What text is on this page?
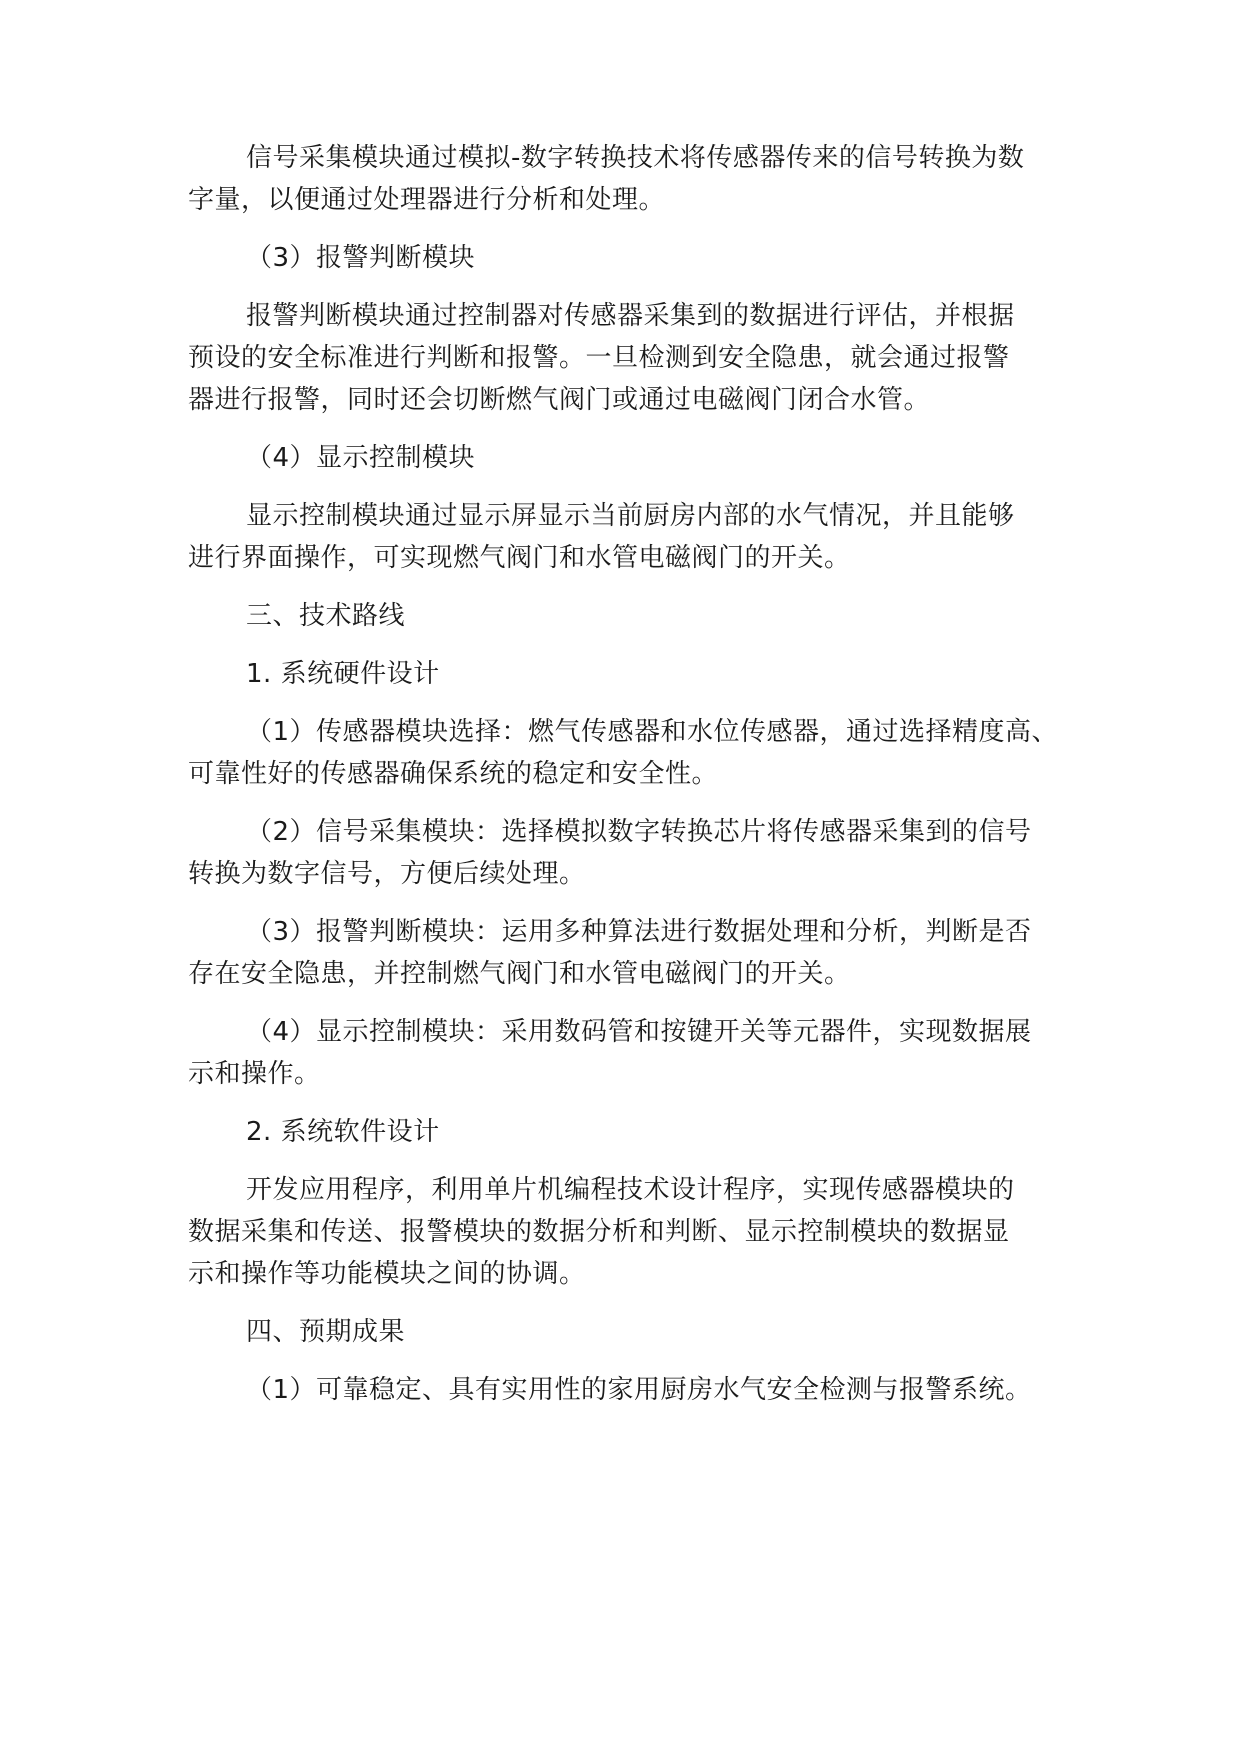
信号采集模块通过模拟-数字转换技术将传感器传来的信号转换为数
字量，以便通过处理器进行分析和处理。
（3）报警判断模块
报警判断模块通过控制器对传感器采集到的数据进行评估，并根据
预设的安全标准进行判断和报警。一旦检测到安全隐患，就会通过报警
器进行报警，同时还会切断燃气阀门或通过电磁阀门闭合水管。
（4）显示控制模块
显示控制模块通过显示屏显示当前厨房内部的水气情况，并且能够
进行界面操作，可实现燃气阀门和水管电磁阀门的开关。
三、技术路线
1. 系统硬件设计
（1）传感器模块选择：燃气传感器和水位传感器，通过选择精度高、
可靠性好的传感器确保系统的稳定和安全性。
（2）信号采集模块：选择模拟数字转换芯片将传感器采集到的信号
转换为数字信号，方便后续处理。
（3）报警判断模块：运用多种算法进行数据处理和分析，判断是否
存在安全隐患，并控制燃气阀门和水管电磁阀门的开关。
（4）显示控制模块：采用数码管和按键开关等元器件，实现数据展
示和操作。
2. 系统软件设计
开发应用程序，利用单片机编程技术设计程序，实现传感器模块的
数据采集和传送、报警模块的数据分析和判断、显示控制模块的数据显
示和操作等功能模块之间的协调。
四、预期成果
（1）可靠稳定、具有实用性的家用厨房水气安全检测与报警系统。
